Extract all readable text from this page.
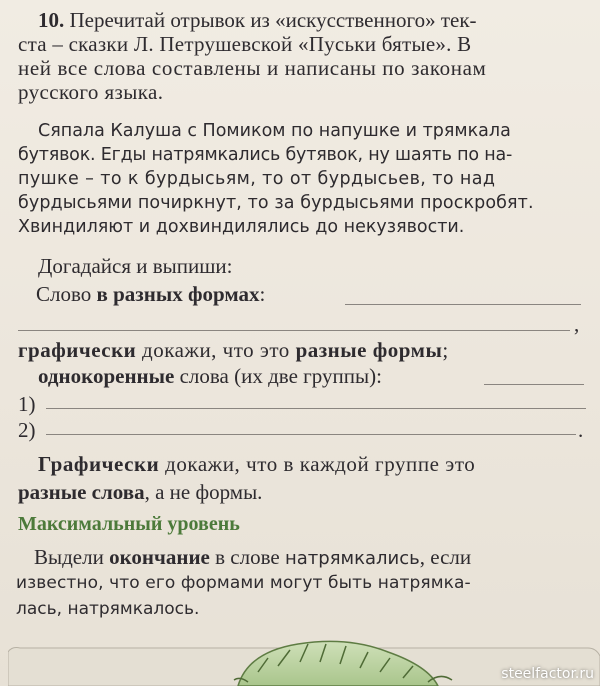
10. Перечитай отрывок из «искусственного» тек-
ста – сказки Л. Петрушевской «Пуськи бятые». В
ней все слова составлены и написаны по законам
русского языка.
Сяпала Калуша с Помиком по напушке и трямкала
бутявок. Егды натрямкались бутявок, ну шаять по на-
пушке – то к бурдысьям, то от бурдысьев, то над
бурдысьями почиркнут, то за бурдысьями проскробят.
Хвиндиляют и дохвиндилялись до некузявости.
Догадайся и выпиши:
Слово в разных формах:
,
графически докажи, что это разные формы;
однокоренные слова (их две группы):
1)
2)	.
Графически докажи, что в каждой группе это
разные слова, а не формы.
Максимальный уровень
Выдели окончание в слове натрямкались, если
известно, что его формами могут быть натрямка-
лась, натрямкалось.
steelfactor.ru
